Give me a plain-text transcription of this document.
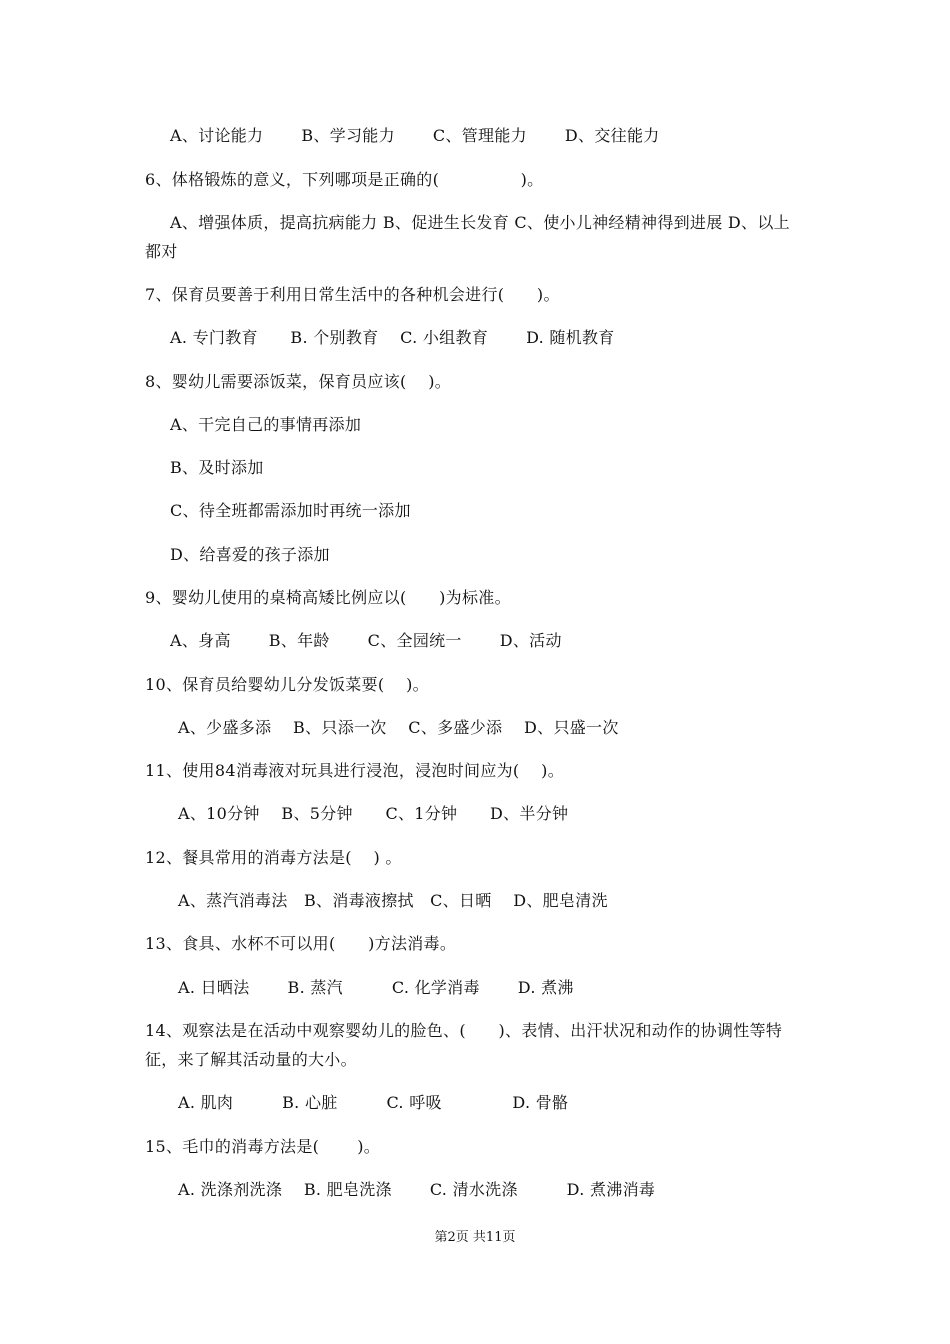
A、讨论能力　　 B、学习能力　　 C、管理能力　　 D、交往能力
6、体格锻炼的意义，下列哪项是正确的(　　　　　)。
A、增强体质，提高抗病能力 B、促进生长发育 C、使小儿神经精神得到进展 D、以上
都对
7、保育员要善于利用日常生活中的各种机会进行(　　)。
A. 专门教育　　B. 个别教育　 C. 小组教育　　 D. 随机教育
8、婴幼儿需要添饭菜，保育员应该(　 )。
A、干完自己的事情再添加
B、及时添加
C、待全班都需添加时再统一添加
D、给喜爱的孩子添加
9、婴幼儿使用的桌椅高矮比例应以(　　)为标准。
A、身高　　 B、年龄　　 C、全园统一　　 D、活动
10、保育员给婴幼儿分发饭菜要(　 )。
A、少盛多添　 B、只添一次　 C、多盛少添　 D、只盛一次
11、使用84消毒液对玩具进行浸泡，浸泡时间应为(　 )。
A、10分钟　 B、5分钟　　C、1分钟　　D、半分钟
12、餐具常用的消毒方法是(　 ) 。
A、蒸汽消毒法　B、消毒液擦拭　C、日晒　 D、肥皂清洗
13、食具、水杯不可以用(　　)方法消毒。
A. 日晒法　　 B. 蒸汽　　　C. 化学消毒　　 D. 煮沸
14、观察法是在活动中观察婴幼儿的脸色、(　　)、表情、出汗状况和动作的协调性等特
征，来了解其活动量的大小。
A. 肌肉　　　B. 心脏　　　C. 呼吸　　　　 D. 骨骼
15、毛巾的消毒方法是(　　 )。
A. 洗涤剂洗涤　 B. 肥皂洗涤　　 C. 清水洗涤　　　D. 煮沸消毒
第2页 共11页
